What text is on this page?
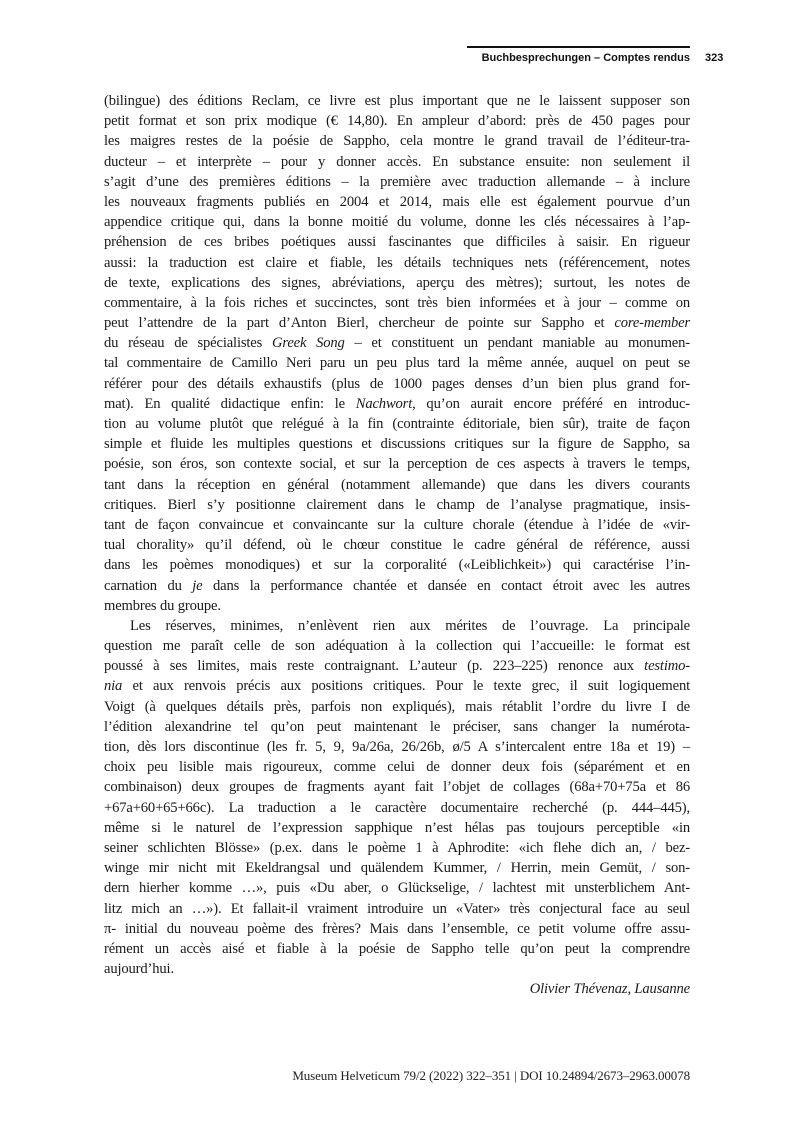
Buchbesprechungen – Comptes rendus 323
(bilingue) des éditions Reclam, ce livre est plus important que ne le laissent supposer son
petit format et son prix modique (€ 14,80). En ampleur d’abord: près de 450 pages pour
les maigres restes de la poésie de Sappho, cela montre le grand travail de l’éditeur-tra-
ducteur – et interprète – pour y donner accès. En substance ensuite: non seulement il
s’agit d’une des premières éditions – la première avec traduction allemande – à inclure
les nouveaux fragments publiés en 2004 et 2014, mais elle est également pourvue d’un
appendice critique qui, dans la bonne moitié du volume, donne les clés nécessaires à l’ap-
préhension de ces bribes poétiques aussi fascinantes que difficiles à saisir. En rigueur
aussi: la traduction est claire et fiable, les détails techniques nets (référencement, notes
de texte, explications des signes, abréviations, aperçu des mètres); surtout, les notes de
commentaire, à la fois riches et succinctes, sont très bien informées et à jour – comme on
peut l’attendre de la part d’Anton Bierl, chercheur de pointe sur Sappho et core-member
du réseau de spécialistes Greek Song – et constituent un pendant maniable au monumen-
tal commentaire de Camillo Neri paru un peu plus tard la même année, auquel on peut se
référer pour des détails exhaustifs (plus de 1000 pages denses d’un bien plus grand for-
mat). En qualité didactique enfin: le Nachwort, qu’on aurait encore préféré en introduc-
tion au volume plutôt que relégué à la fin (contrainte éditoriale, bien sûr), traite de façon
simple et fluide les multiples questions et discussions critiques sur la figure de Sappho, sa
poésie, son éros, son contexte social, et sur la perception de ces aspects à travers le temps,
tant dans la réception en général (notamment allemande) que dans les divers courants
critiques. Bierl s’y positionne clairement dans le champ de l’analyse pragmatique, insis-
tant de façon convaincue et convaincante sur la culture chorale (étendue à l’idée de «vir-
tual chorality» qu’il défend, où le chœur constitue le cadre général de référence, aussi
dans les poèmes monodiques) et sur la corporalité («Leiblichkeit») qui caractérise l’in-
carnation du je dans la performance chantée et dansée en contact étroit avec les autres
membres du groupe.
Les réserves, minimes, n’enlèvent rien aux mérites de l’ouvrage. La principale
question me paraît celle de son adéquation à la collection qui l’accueille: le format est
poussé à ses limites, mais reste contraignant. L’auteur (p. 223–225) renonce aux testimo-
nia et aux renvois précis aux positions critiques. Pour le texte grec, il suit logiquement
Voigt (à quelques détails près, parfois non expliqués), mais rétablit l’ordre du livre I de
l’édition alexandrine tel qu’on peut maintenant le préciser, sans changer la numérota-
tion, dès lors discontinue (les fr. 5, 9, 9a/26a, 26/26b, ø/5 A s’intercalent entre 18a et 19) –
choix peu lisible mais rigoureux, comme celui de donner deux fois (séparément et en
combinaison) deux groupes de fragments ayant fait l’objet de collages (68a+70+75a et 86
+67a+60+65+66c). La traduction a le caractère documentaire recherché (p. 444–445),
même si le naturel de l’expression sapphique n’est hélas pas toujours perceptible «in
seiner schlichten Blösse» (p.ex. dans le poème 1 à Aphrodite: «ich flehe dich an, / bez-
winge mir nicht mit Ekeldrangsal und quälendem Kummer, / Herrin, mein Gemüt, / son-
dern hierher komme …», puis «Du aber, o Glückselige, / lachtest mit unsterblichem Ant-
litz mich an …»). Et fallait-il vraiment introduire un «Vater» très conjectural face au seul
π- initial du nouveau poème des frères? Mais dans l’ensemble, ce petit volume offre assu-
rément un accès aisé et fiable à la poésie de Sappho telle qu’on peut la comprendre
aujourd’hui.
Olivier Thévenaz, Lausanne
Museum Helveticum 79/2 (2022) 322–351 | DOI 10.24894/2673–2963.00078
